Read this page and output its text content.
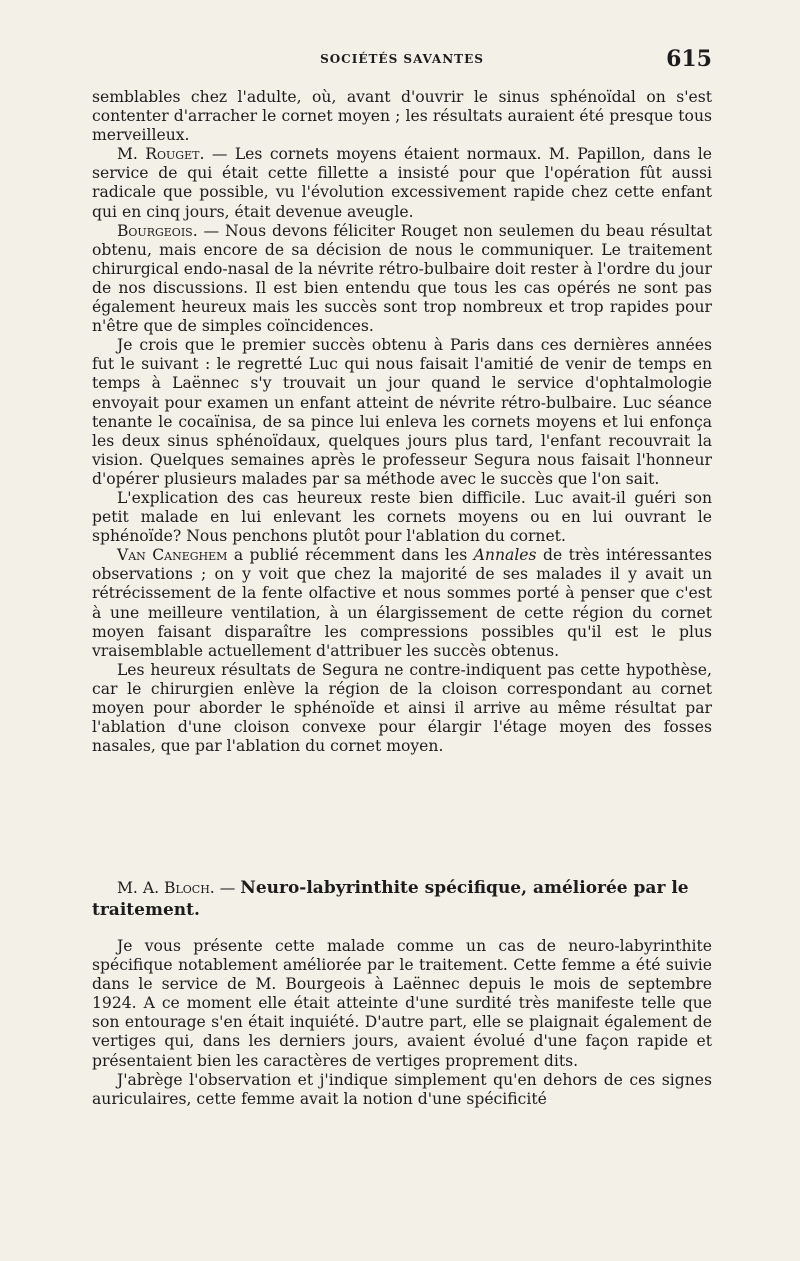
SOCIÉTÉS SAVANTES	615

semblables chez l'adulte, où, avant d'ouvrir le sinus sphénoïdal on s'est contenter d'arracher le cornet moyen ; les résultats auraient été presque tous merveilleux.

M. Rouget. — Les cornets moyens étaient normaux. M. Papillon, dans le service de qui était cette fillette a insisté pour que l'opération fût aussi radicale que possible, vu l'évolution excessivement rapide chez cette enfant qui en cinq jours, était devenue aveugle.

Bourgeois. — Nous devons féliciter Rouget non seulemen du beau résultat obtenu, mais encore de sa décision de nous le communiquer. Le traitement chirurgical endo-nasal de la névrite rétro-bulbaire doit rester à l'ordre du jour de nos discussions. Il est bien entendu que tous les cas opérés ne sont pas également heureux mais les succès sont trop nombreux et trop rapides pour n'être que de simples coïncidences.

Je crois que le premier succès obtenu à Paris dans ces dernières années fut le suivant : le regretté Luc qui nous faisait l'amitié de venir de temps en temps à Laënnec s'y trouvait un jour quand le service d'ophtalmologie envoyait pour examen un enfant atteint de névrite rétro-bulbaire. Luc séance tenante le cocaïnisa, de sa pince lui enleva les cornets moyens et lui enfonça les deux sinus sphénoïdaux, quelques jours plus tard, l'enfant recouvrait la vision. Quelques semaines après le professeur Segura nous faisait l'honneur d'opérer plusieurs malades par sa méthode avec le succès que l'on sait.

L'explication des cas heureux reste bien difficile. Luc avait-il guéri son petit malade en lui enlevant les cornets moyens ou en lui ouvrant le sphénoïde? Nous penchons plutôt pour l'ablation du cornet.

Van Caneghem a publié récemment dans les Annales de très intéressantes observations ; on y voit que chez la majorité de ses malades il y avait un rétrécissement de la fente olfactive et nous sommes porté à penser que c'est à une meilleure ventilation, à un élargissement de cette région du cornet moyen faisant disparaître les compressions possibles qu'il est le plus vraisemblable actuellement d'attribuer les succès obtenus.

Les heureux résultats de Segura ne contre-indiquent pas cette hypothèse, car le chirurgien enlève la région de la cloison correspondant au cornet moyen pour aborder le sphénoïde et ainsi il arrive au même résultat par l'ablation d'une cloison convexe pour élargir l'étage moyen des fosses nasales, que par l'ablation du cornet moyen.

M. A. Bloch. — Neuro-labyrinthite spécifique, améliorée par le traitement.

Je vous présente cette malade comme un cas de neuro-labyrinthite spécifique notablement améliorée par le traitement. Cette femme a été suivie dans le service de M. Bourgeois à Laënnec depuis le mois de septembre 1924. A ce moment elle était atteinte d'une surdité très manifeste telle que son entourage s'en était inquiété. D'autre part, elle se plaignait également de vertiges qui, dans les derniers jours, avaient évolué d'une façon rapide et présentaient bien les caractères de vertiges proprement dits.

J'abrège l'observation et j'indique simplement qu'en dehors de ces signes auriculaires, cette femme avait la notion d'une spécificité
